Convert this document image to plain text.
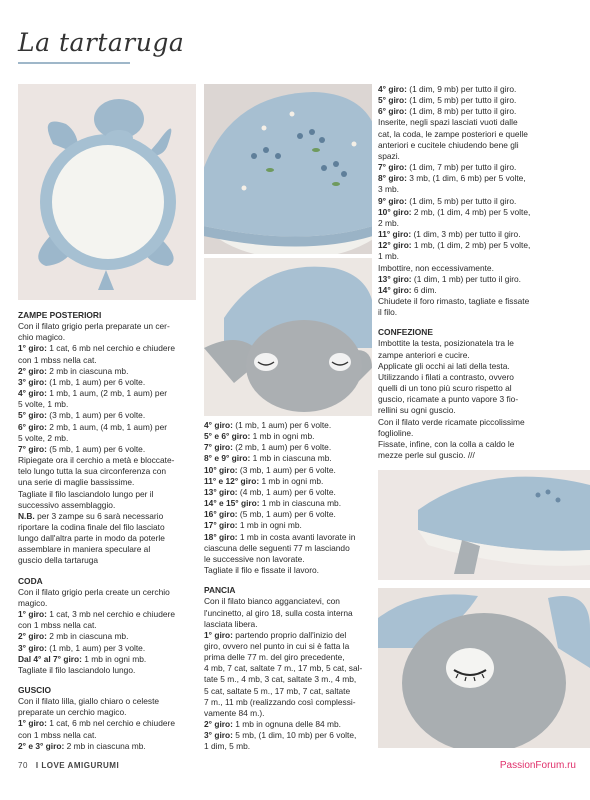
La tartaruga

ZAMPE POSTERIORI

Con il filato grigio perla preparate un cer-

chio magico.

1° giro: 1 cat, 6 mb nel cerchio e chiudere

con 1 mbss nella cat.

2° giro: 2 mb in ciascuna mb.

3° giro: (1 mb, 1 aum) per 6 volte.

4° giro: 1 mb, 1 aum, (2 mb, 1 aum) per

5 volte, 1 mb.

5° giro: (3 mb, 1 aum) per 6 volte.

6° giro: 2 mb, 1 aum, (4 mb, 1 aum) per

5 volte, 2 mb.

7° giro: (5 mb, 1 aum) per 6 volte.

Ripiegate ora il cerchio a metà e bloccate-

telo lungo tutta la sua circonferenza con

una serie di maglie bassissime.

Tagliate il filo lasciandolo lungo per il

successivo assemblaggio.

N.B. per 3 zampe su 6 sarà necessario

riportare la codina finale del filo lasciato

lungo dall'altra parte in modo da poterle

assemblare in maniera speculare al

guscio della tartaruga

CODA

Con il filato grigio perla create un cerchio

magico.

1° giro: 1 cat, 3 mb nel cerchio e chiudere

con 1 mbss nella cat.

2° giro: 2 mb in ciascuna mb.

3° giro: (1 mb, 1 aum) per 3 volte.

Dal 4° al 7° giro: 1 mb in ogni mb.

Tagliate il filo lasciandolo lungo.

GUSCIO

Con il filato lilla, giallo chiaro o celeste

preparate un cerchio magico.

1° giro: 1 cat, 6 mb nel cerchio e chiudere

con 1 mbss nella cat.

2° e 3° giro: 2 mb in ciascuna mb.

4° giro: (1 mb, 1 aum) per 6 volte.

5° e 6° giro: 1 mb in ogni mb.

7° giro: (2 mb, 1 aum) per 6 volte.

8° e 9° giro: 1 mb in ciascuna mb.

10° giro: (3 mb, 1 aum) per 6 volte.

11° e 12° giro: 1 mb in ogni mb.

13° giro: (4 mb, 1 aum) per 6 volte.

14° e 15° giro: 1 mb in ciascuna mb.

16° giro: (5 mb, 1 aum) per 6 volte.

17° giro: 1 mb in ogni mb.

18° giro: 1 mb in costa avanti lavorate in

ciascuna delle seguenti 77 m lasciando

le successive non lavorate.

Tagliate il filo e fissate il lavoro.

PANCIA

Con il filato bianco agganciatevi, con

l'uncinetto, al giro 18, sulla costa interna

lasciata libera.

1° giro: partendo proprio dall'inizio del

giro, ovvero nel punto in cui si è fatta la

prima delle 77 m. del giro precedente,

4 mb, 7 cat, saltate 7 m., 17 mb, 5 cat, sal-

tate 5 m., 4 mb, 3 cat, saltate 3 m., 4 mb,

5 cat, saltate 5 m., 17 mb, 7 cat, saltate

7 m., 11 mb (realizzando così complessi-

vamente 84 m.).

2° giro: 1 mb in ognuna delle 84 mb.

3° giro: 5 mb, (1 dim, 10 mb) per 6 volte,

1 dim, 5 mb.

4° giro: (1 dim, 9 mb) per tutto il giro.

5° giro: (1 dim, 5 mb) per tutto il giro.

6° giro: (1 dim, 8 mb) per tutto il giro.

Inserite, negli spazi lasciati vuoti dalle

cat, la coda, le zampe posteriori e quelle

anteriori e cucitele chiudendo bene gli

spazi.

7° giro: (1 dim, 7 mb) per tutto il giro.

8° giro: 3 mb, (1 dim, 6 mb) per 5 volte,

3 mb.

9° giro: (1 dim, 5 mb) per tutto il giro.

10° giro: 2 mb, (1 dim, 4 mb) per 5 volte,

2 mb.

11° giro: (1 dim, 3 mb) per tutto il giro.

12° giro: 1 mb, (1 dim, 2 mb) per 5 volte,

1 mb.

Imbottire, non eccessivamente.

13° giro: (1 dim, 1 mb) per tutto il giro.

14° giro: 6 dim.

Chiudete il foro rimasto, tagliate e fissate

il filo.

CONFEZIONE

Imbottite la testa, posizionatela tra le

zampe anteriori e cucire.

Applicate gli occhi ai lati della testa.

Utilizzando i filati a contrasto, ovvero

quelli di un tono più scuro rispetto al

guscio, ricamate a punto vapore 3 fio-

rellini su ogni guscio.

Con il filato verde ricamate piccolissime

foglioline.

Fissate, infine, con la colla a caldo le

mezze perle sul guscio. ///

70 I LOVE AMIGURUMI	PassionForum.ru
